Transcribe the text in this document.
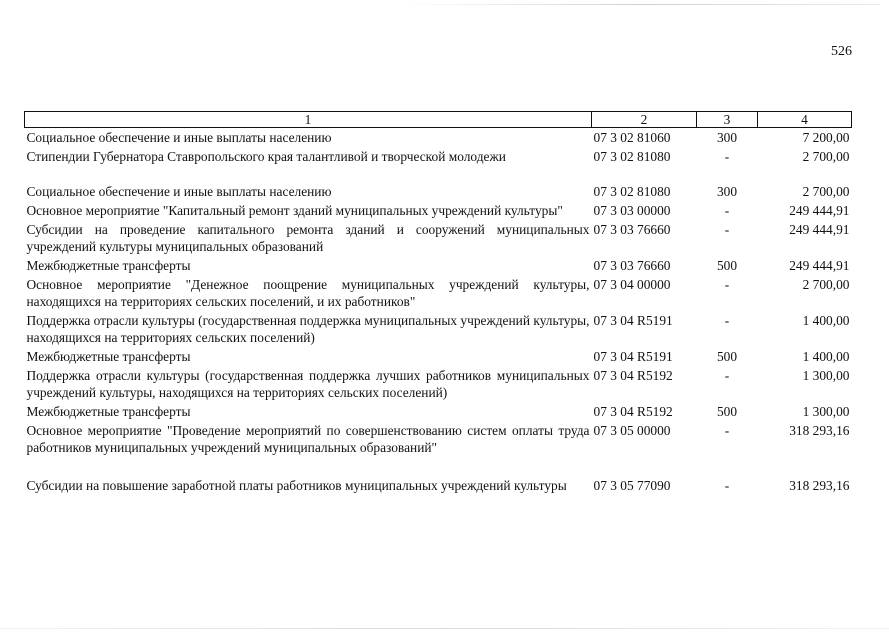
526
1	2	3	4
Социальное обеспечение и иные выплаты населению	07 3 02 81060	300	7 200,00
Стипендии Губернатора Ставропольского края талантливой и творческой молодежи	07 3 02 81080	-	2 700,00
Социальное обеспечение и иные выплаты населению	07 3 02 81080	300	2 700,00
Основное мероприятие "Капитальный ремонт зданий муниципальных учреждений культуры"	07 3 03 00000	-	249 444,91
Субсидии на проведение капитального ремонта зданий и сооружений муниципальных учреждений культуры муниципальных образований	07 3 03 76660	-	249 444,91
Межбюджетные трансферты	07 3 03 76660	500	249 444,91
Основное мероприятие "Денежное поощрение муниципальных учреждений культуры, находящихся на территориях сельских поселений, и их работников"	07 3 04 00000	-	2 700,00
Поддержка отрасли культуры (государственная поддержка муниципальных учреждений культуры, находящихся на территориях сельских поселений)	07 3 04 R5191	-	1 400,00
Межбюджетные трансферты	07 3 04 R5191	500	1 400,00
Поддержка отрасли культуры (государственная поддержка лучших работников муниципальных учреждений культуры, находящихся на территориях сельских поселений)	07 3 04 R5192	-	1 300,00
Межбюджетные трансферты	07 3 04 R5192	500	1 300,00
Основное мероприятие "Проведение мероприятий по совершенствованию систем оплаты труда работников муниципальных учреждений муниципальных образований"	07 3 05 00000	-	318 293,16
Субсидии на повышение заработной платы работников муниципальных учреждений культуры	07 3 05 77090	-	318 293,16
